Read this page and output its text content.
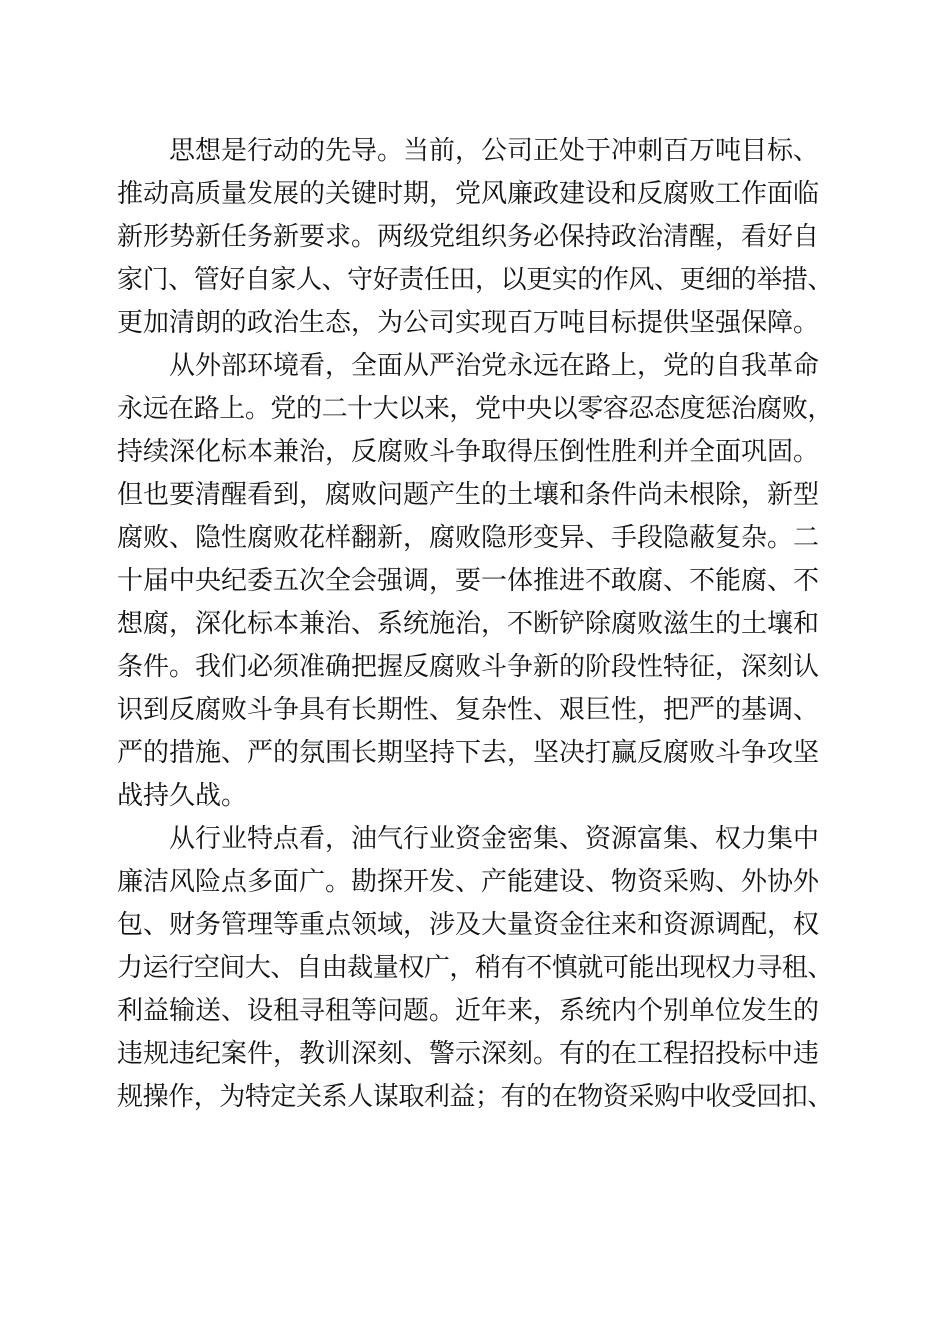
思想是行动的先导。当前，公司正处于冲刺百万吨目标、
推动高质量发展的关键时期，党风廉政建设和反腐败工作面临
新形势新任务新要求。两级党组织务必保持政治清醒，看好自
家门、管好自家人、守好责任田，以更实的作风、更细的举措、
更加清朗的政治生态，为公司实现百万吨目标提供坚强保障。
从外部环境看，全面从严治党永远在路上，党的自我革命
永远在路上。党的二十大以来，党中央以零容忍态度惩治腐败，
持续深化标本兼治，反腐败斗争取得压倒性胜利并全面巩固。
但也要清醒看到，腐败问题产生的土壤和条件尚未根除，新型
腐败、隐性腐败花样翻新，腐败隐形变异、手段隐蔽复杂。二
十届中央纪委五次全会强调，要一体推进不敢腐、不能腐、不
想腐，深化标本兼治、系统施治，不断铲除腐败滋生的土壤和
条件。我们必须准确把握反腐败斗争新的阶段性特征，深刻认
识到反腐败斗争具有长期性、复杂性、艰巨性，把严的基调、
严的措施、严的氛围长期坚持下去，坚决打赢反腐败斗争攻坚
战持久战。
从行业特点看，油气行业资金密集、资源富集、权力集中
廉洁风险点多面广。勘探开发、产能建设、物资采购、外协外
包、财务管理等重点领域，涉及大量资金往来和资源调配，权
力运行空间大、自由裁量权广，稍有不慎就可能出现权力寻租、
利益输送、设租寻租等问题。近年来，系统内个别单位发生的
违规违纪案件，教训深刻、警示深刻。有的在工程招投标中违
规操作，为特定关系人谋取利益；有的在物资采购中收受回扣、
